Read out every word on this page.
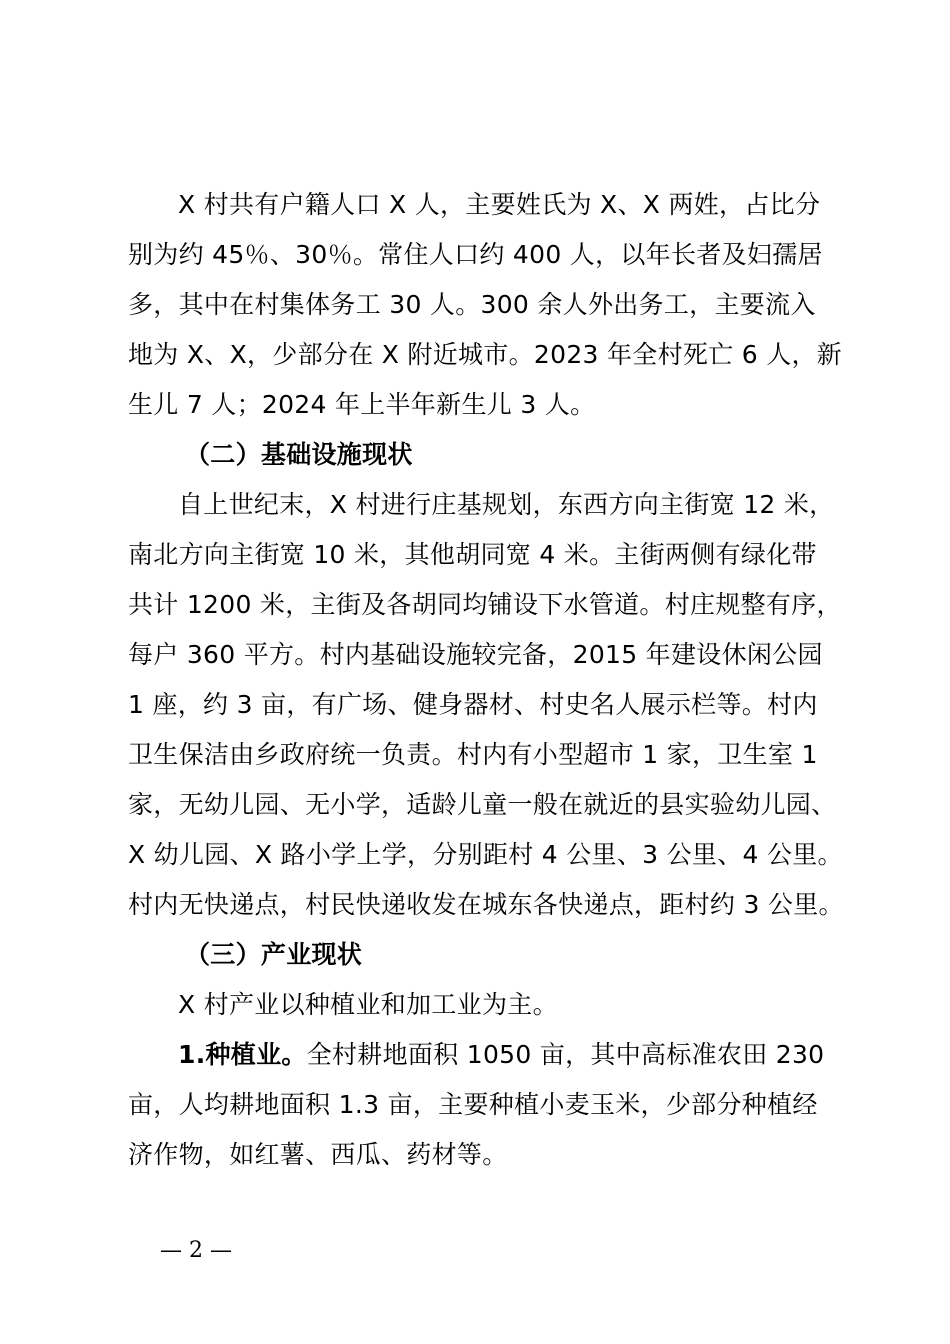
X 村共有户籍人口 X 人，主要姓氏为 X、X 两姓，占比分
别为约 45％、30％。常住人口约 400 人，以年长者及妇孺居
多，其中在村集体务工 30 人。300 余人外出务工，主要流入
地为 X、X，少部分在 X 附近城市。2023 年全村死亡 6 人，新
生儿 7 人；2024 年上半年新生儿 3 人。
（二）基础设施现状
自上世纪末，X 村进行庄基规划，东西方向主街宽 12 米，
南北方向主街宽 10 米，其他胡同宽 4 米。主街两侧有绿化带
共计 1200 米，主街及各胡同均铺设下水管道。村庄规整有序，
每户 360 平方。村内基础设施较完备，2015 年建设休闲公园
1 座，约 3 亩，有广场、健身器材、村史名人展示栏等。村内
卫生保洁由乡政府统一负责。村内有小型超市 1 家，卫生室 1
家，无幼儿园、无小学，适龄儿童一般在就近的县实验幼儿园、
X 幼儿园、X 路小学上学，分别距村 4 公里、3 公里、4 公里。
村内无快递点，村民快递收发在城东各快递点，距村约 3 公里。
（三）产业现状
X 村产业以种植业和加工业为主。
1.种植业。全村耕地面积 1050 亩，其中高标准农田 230
亩，人均耕地面积 1.3 亩，主要种植小麦玉米，少部分种植经
济作物，如红薯、西瓜、药材等。
— 2 —
